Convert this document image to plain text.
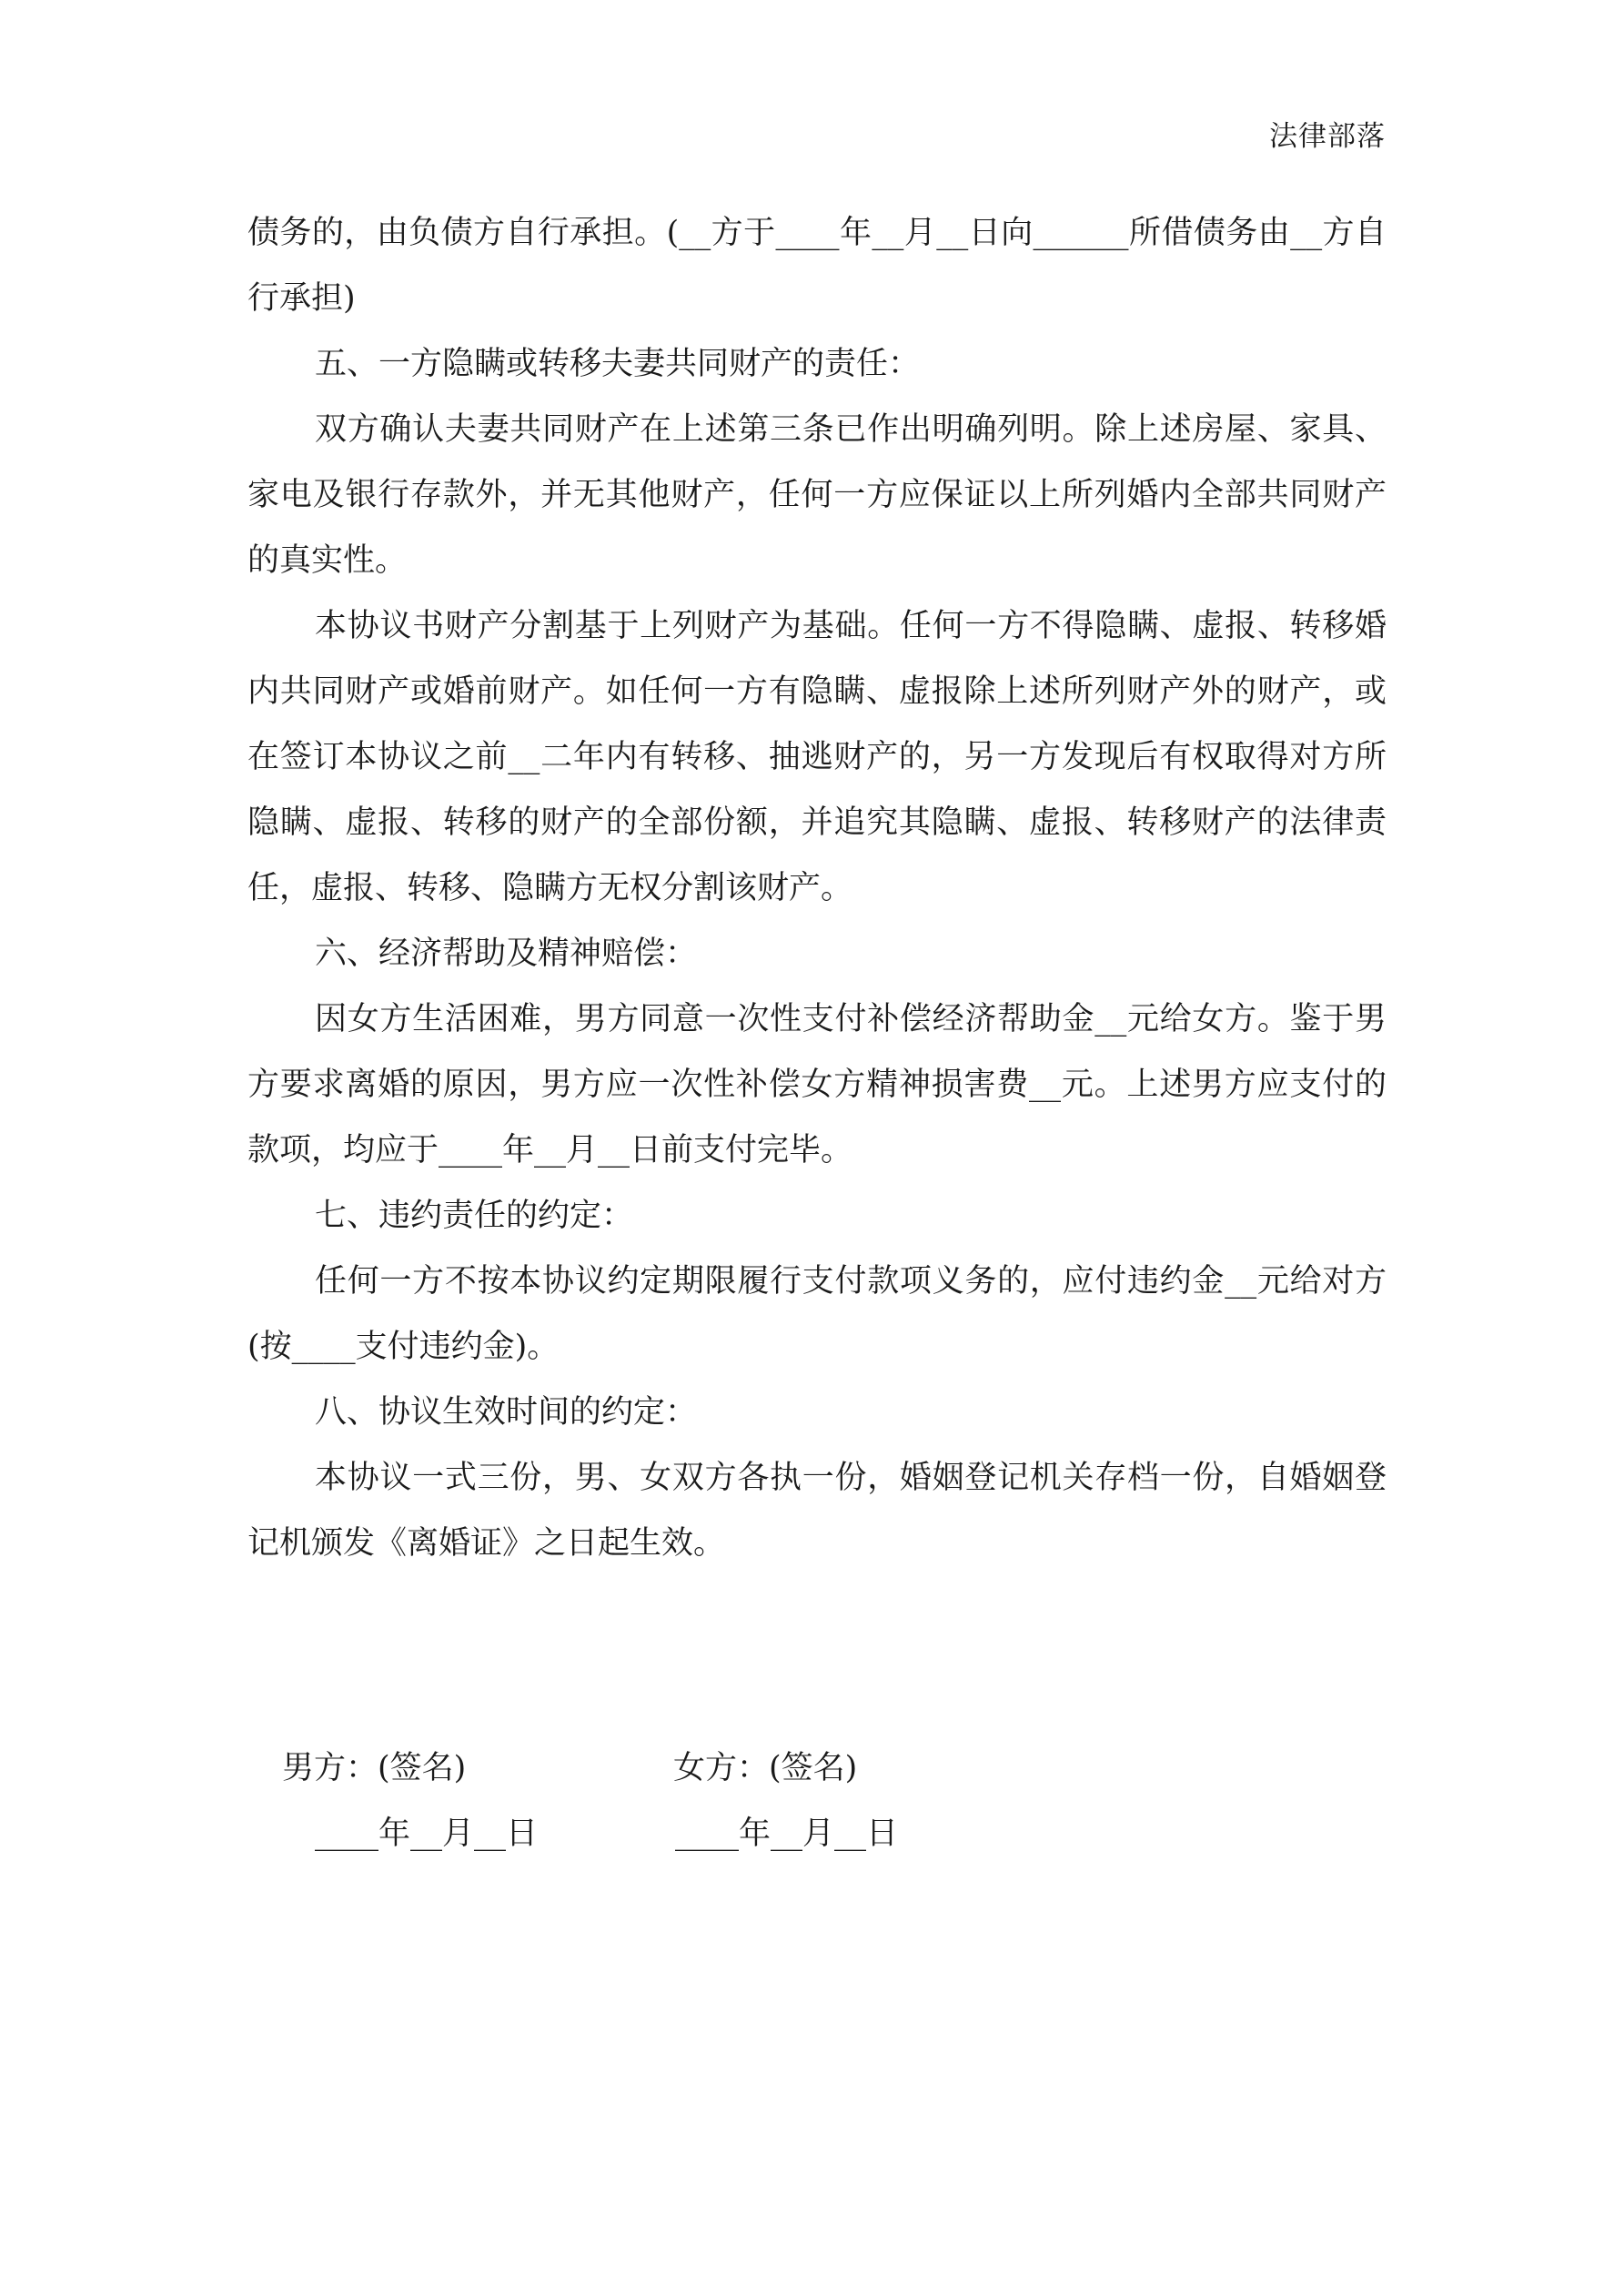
法律部落

债务的，由负债方自行承担。(__方于____年__月__日向______所借债务由__方自行承担)

五、一方隐瞒或转移夫妻共同财产的责任：

双方确认夫妻共同财产在上述第三条已作出明确列明。除上述房屋、家具、家电及银行存款外，并无其他财产，任何一方应保证以上所列婚内全部共同财产的真实性。

本协议书财产分割基于上列财产为基础。任何一方不得隐瞒、虚报、转移婚内共同财产或婚前财产。如任何一方有隐瞒、虚报除上述所列财产外的财产，或在签订本协议之前__二年内有转移、抽逃财产的，另一方发现后有权取得对方所隐瞒、虚报、转移的财产的全部份额，并追究其隐瞒、虚报、转移财产的法律责任，虚报、转移、隐瞒方无权分割该财产。

六、经济帮助及精神赔偿：

因女方生活困难，男方同意一次性支付补偿经济帮助金__元给女方。鉴于男方要求离婚的原因，男方应一次性补偿女方精神损害费__元。上述男方应支付的款项，均应于____年__月__日前支付完毕。

七、违约责任的约定：

任何一方不按本协议约定期限履行支付款项义务的，应付违约金__元给对方(按____支付违约金)。

八、协议生效时间的约定：

本协议一式三份，男、女双方各执一份，婚姻登记机关存档一份，自婚姻登记机颁发《离婚证》之日起生效。

男方：(签名)	女方：(签名)
____年__月__日	____年__月__日
